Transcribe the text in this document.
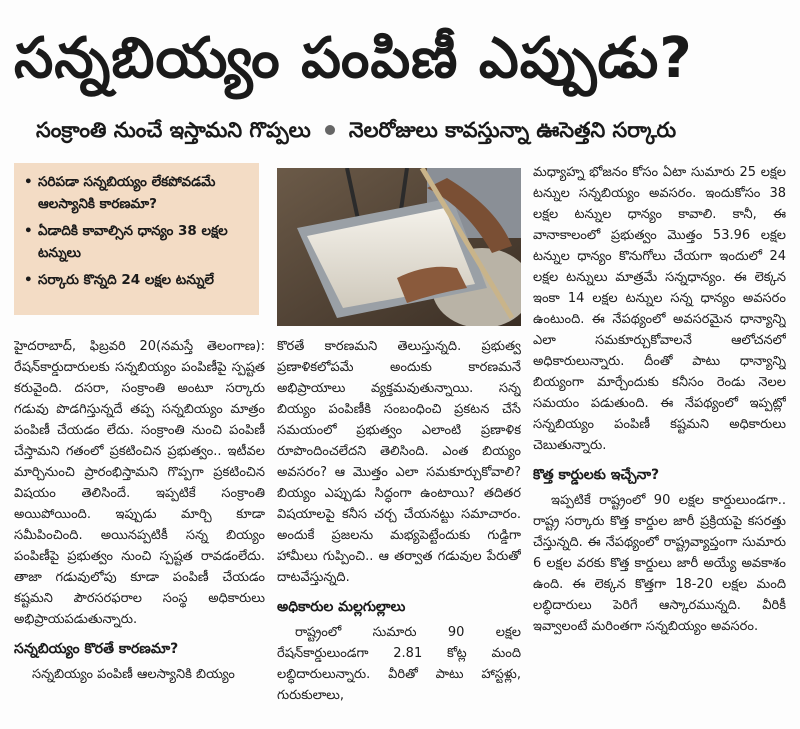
సన్నబియ్యం పంపిణీ ఎప్పుడు?
సంక్రాంతి నుంచే ఇస్తామని గొప్పలు నెలరోజులు కావస్తున్నా ఊసెత్తని సర్కారు
• సరిపడా సన్నబియ్యం లేకపోవడమే ఆలస్యానికి కారణమా?
• ఏడాదికి కావాల్సిన ధాన్యం 38 లక్షల టన్నులు
• సర్కారు కొన్నది 24 లక్షల టన్నులే

హైదరాబాద్, ఫిబ్రవరి 20(నమస్తే తెలంగాణ): రేషన్‌కార్డుదారులకు సన్నబియ్యం పంపిణీపై స్పష్టత కరువైంది. దసరా, సంక్రాంతి అంటూ సర్కారు గడువు పొడగిస్తున్నదే తప్ప సన్నబియ్యం మాత్రం పంపిణీ చేయడం లేదు. సంక్రాంతి నుంచి పంపిణీ చేస్తామని గతంలో ప్రకటించిన ప్రభుత్వం.. ఇటీవల మార్చినుంచి ప్రారంభిస్తామని గొప్పగా ప్రకటించిన విషయం తెలిసిందే. ఇప్పటికే సంక్రాంతి అయిపోయింది. ఇప్పుడు మార్చి కూడా సమీపించింది. అయినప్పటికీ సన్న బియ్యం పంపిణీపై ప్రభుత్వం నుంచి స్పష్టత రావడంలేదు. తాజా గడువులోపు కూడా పంపిణీ చేయడం కష్టమని పౌరసరఫరాల సంస్థ అధికారులు అభిప్రాయపడుతున్నారు.

సన్నబియ్యం కొరతే కారణమా?

సన్నబియ్యం పంపిణీ ఆలస్యానికి బియ్యం

కొరతే కారణమని తెలుస్తున్నది. ప్రభుత్వ ప్రణాళికలోపమే అందుకు కారణమనే అభిప్రాయాలు వ్యక్తమవుతున్నాయి. సన్న బియ్యం పంపిణీకి సంబంధించి ప్రకటన చేసే సమయంలో ప్రభుత్వం ఎలాంటి ప్రణాళిక రూపొందించలేదని తెలిసింది. ఎంత బియ్యం అవసరం? ఆ మొత్తం ఎలా సమకూర్చుకోవాలి? బియ్యం ఎప్పుడు సిద్ధంగా ఉంటాయి? తదితర విషయాలపై కనీస చర్చ చేయనట్టు సమాచారం. అందుకే ప్రజలను మభ్యపెట్టేందుకు గుడ్డిగా హామీలు గుప్పించి.. ఆ తర్వాత గడువుల పేరుతో దాటవేస్తున్నది.

అధికారుల మల్లగుల్లాలు

రాష్ట్రంలో సుమారు 90 లక్షల రేషన్‌కార్డులుండగా 2.81 కోట్ల మంది లబ్ధిదారులున్నారు. వీరితో పాటు హాస్టళ్లు, గురుకులాలు,

మధ్యాహ్న భోజనం కోసం ఏటా సుమారు 25 లక్షల టన్నుల సన్నబియ్యం అవసరం. ఇందుకోసం 38 లక్షల టన్నుల ధాన్యం కావాలి. కానీ, ఈ వానాకాలంలో ప్రభుత్వం మొత్తం 53.96 లక్షల టన్నుల ధాన్యం కొనుగోలు చేయగా ఇందులో 24 లక్షల టన్నులు మాత్రమే సన్నధాన్యం. ఈ లెక్కన ఇంకా 14 లక్షల టన్నుల సన్న ధాన్యం అవసరం ఉంటుంది. ఈ నేపథ్యంలో అవసరమైన ధాన్యాన్ని ఎలా సమకూర్చుకోవాలనే ఆలోచనలో అధికారులున్నారు. దీంతో పాటు ధాన్యాన్ని బియ్యంగా మార్చేందుకు కనీసం రెండు నెలల సమయం పడుతుంది. ఈ నేపథ్యంలో ఇప్పట్లో సన్నబియ్యం పంపిణీ కష్టమని అధికారులు చెబుతున్నారు.

కొత్త కార్డులకు ఇచ్చేనా?

ఇప్పటికే రాష్ట్రంలో 90 లక్షల కార్డులుండగా.. రాష్ట్ర సర్కారు కొత్త కార్డుల జారీ ప్రక్రియపై కసరత్తు చేస్తున్నది. ఈ నేపథ్యంలో రాష్ట్రవ్యాప్తంగా సుమారు 6 లక్షల వరకు కొత్త కార్డులు జారీ అయ్యే అవకాశం ఉంది. ఈ లెక్కన కొత్తగా 18-20 లక్షల మంది లబ్ధిదారులు పెరిగే ఆస్కారమున్నది. వీరికీ ఇవ్వాలంటే మరింతగా సన్నబియ్యం అవసరం.
